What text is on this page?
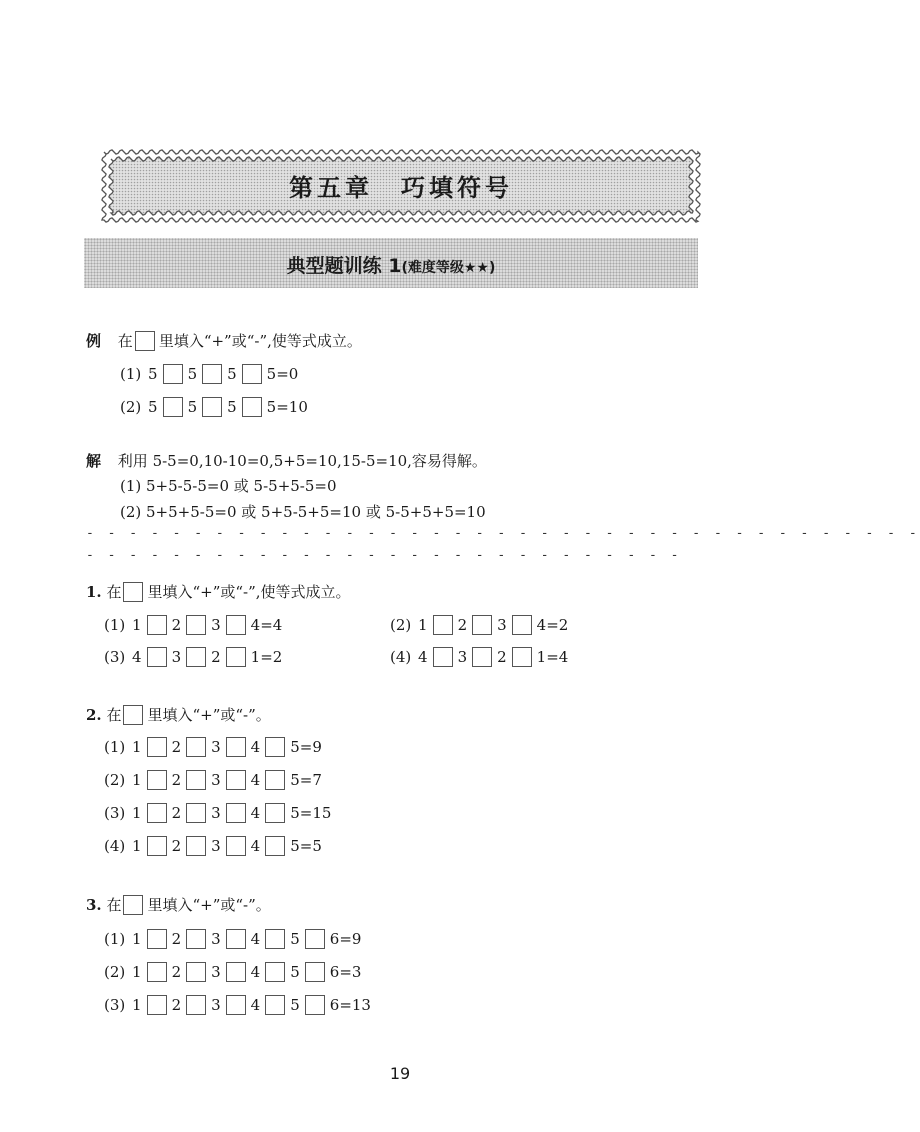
第五章　巧填符号
典型题训练 1(难度等级★★)
例 在 里填入“+”或“-”,使等式成立。
(1) 5 5 5 5=0
(2) 5 5 5 5=10
解 利用 5-5=0,10-10=0,5+5=10,15-5=10,容易得解。
(1) 5+5-5-5=0 或 5-5+5-5=0
(2) 5+5+5-5=0 或 5+5-5+5=10 或 5-5+5+5=10
- - - - - - - - - - - - - - - - - - - - - - - - - - - - - - - - - - - - - - -
- - - - - - - - - - - - - - - - - - - - - - - - - - - -
1. 在 里填入“+”或“-”,使等式成立。
(1) 1 2 3 4=4	(2) 1 2 3 4=2
(3) 4 3 2 1=2	(4) 4 3 2 1=4
2. 在 里填入“+”或“-”。
(1) 1 2 3 4 5=9
(2) 1 2 3 4 5=7
(3) 1 2 3 4 5=15
(4) 1 2 3 4 5=5
3. 在 里填入“+”或“-”。
(1) 1 2 3 4 5 6=9
(2) 1 2 3 4 5 6=3
(3) 1 2 3 4 5 6=13
19
